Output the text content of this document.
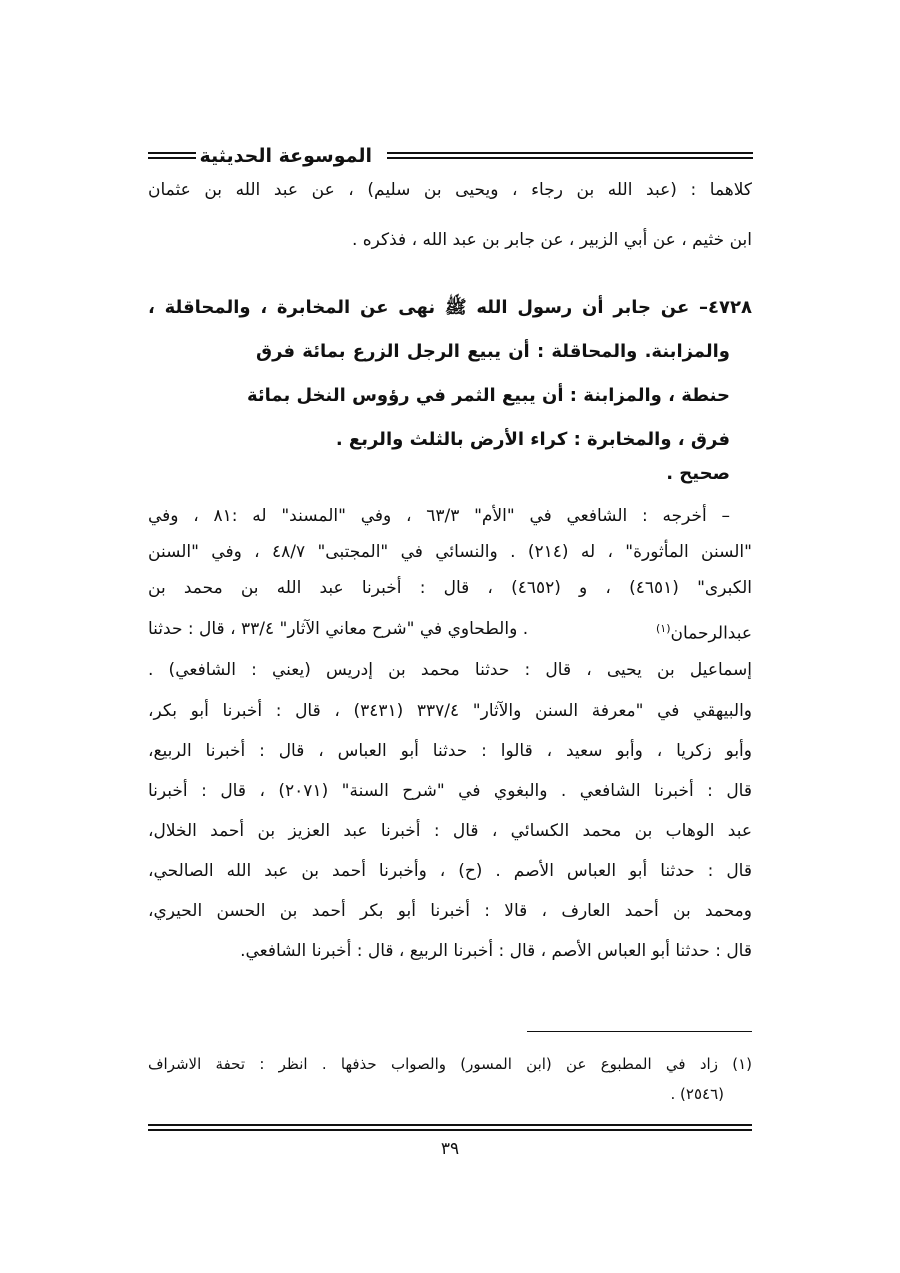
الموسوعة الحديثية
كلاهما : (عبد الله بن رجاء ، ويحيى بن سليم) ، عن عبد الله بن عثمان
ابن خثيم ، عن أبي الزبير ، عن جابر بن عبد الله ، فذكره .
٤٧٢٨– عن جابر أن رسول الله ﷺ نهى عن المخابرة ، والمحاقلة ،
والمزابنة. والمحاقلة : أن يبيع الرجل الزرع بمائة فرق
حنطة ، والمزابنة : أن يبيع الثمر في رؤوس النخل بمائة
فرق ، والمخابرة : كراء الأرض بالثلث والربع .
صحيح .
– أخرجه : الشافعي في "الأم" ٦٣/٣ ، وفي "المسند" له :٨١ ، وفي
"السنن المأثورة" ، له (٢١٤) . والنسائي في "المجتبى" ٤٨/٧ ، وفي "السنن
الكبرى" (٤٦٥١) ، و (٤٦٥٢) ، قال : أخبرنا عبد الله بن محمد بن
عبدالرحمان$^{(١)}$
. والطحاوي في "شرح معاني الآثار" ٣٣/٤ ، قال : حدثنا
إسماعيل بن يحيى ، قال : حدثنا محمد بن إدريس (يعني : الشافعي) .
والبيهقي في "معرفة السنن والآثار" ٣٣٧/٤ (٣٤٣١) ، قال : أخبرنا أبو بكر،
وأبو زكريا ، وأبو سعيد ، قالوا : حدثنا أبو العباس ، قال : أخبرنا الربيع،
قال : أخبرنا الشافعي . والبغوي في "شرح السنة" (٢٠٧١) ، قال : أخبرنا
عبد الوهاب بن محمد الكسائي ، قال : أخبرنا عبد العزيز بن أحمد الخلال،
قال : حدثنا أبو العباس الأصم . (ح) ، وأخبرنا أحمد بن عبد الله الصالحي،
ومحمد بن أحمد العارف ، قالا : أخبرنا أبو بكر أحمد بن الحسن الحيري،
قال : حدثنا أبو العباس الأصم ، قال : أخبرنا الربيع ، قال : أخبرنا الشافعي.
(١) زاد في المطبوع عن (ابن المسور) والصواب حذفها . انظر : تحفة الاشراف
(٢٥٤٦) .
٣٩
